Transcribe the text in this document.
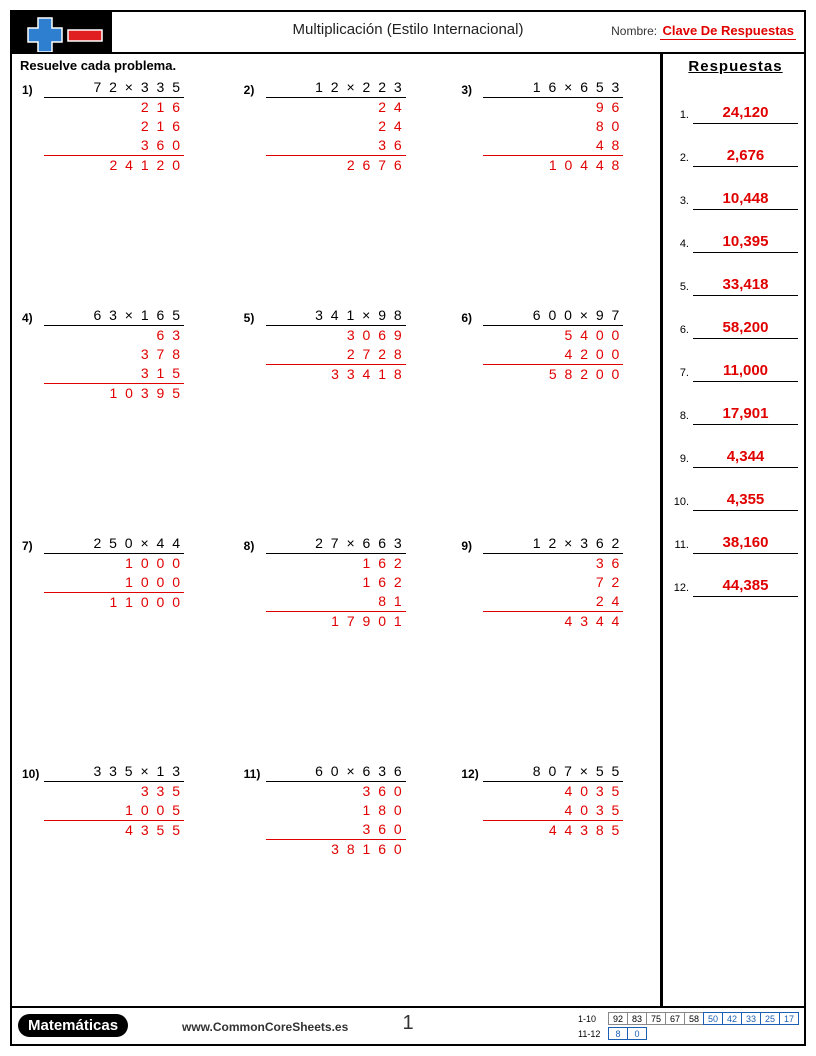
Multiplicación (Estilo Internacional)	Nombre: Clave De Respuestas
Resuelve cada problema.
1)	7 2 × 3 3 5
2 1 6
2 1 6
3 6 0
2 4 1 2 0
2)	1 2 × 2 2 3
2 4
2 4
3 6
2 6 7 6
3)	1 6 × 6 5 3
9 6
8 0
4 8
1 0 4 4 8
4)	6 3 × 1 6 5
6 3
3 7 8
3 1 5
1 0 3 9 5
5)	3 4 1 × 9 8
3 0 6 9
2 7 2 8
3 3 4 1 8
6)	6 0 0 × 9 7
5 4 0 0
4 2 0 0
5 8 2 0 0
7)	2 5 0 × 4 4
1 0 0 0
1 0 0 0
1 1 0 0 0
8)	2 7 × 6 6 3
1 6 2
1 6 2
8 1
1 7 9 0 1
9)	1 2 × 3 6 2
3 6
7 2
2 4
4 3 4 4
10)	3 3 5 × 1 3
3 3 5
1 0 0 5
4 3 5 5
11)	6 0 × 6 3 6
3 6 0
1 8 0
3 6 0
3 8 1 6 0
12)	8 0 7 × 5 5
4 0 3 5
4 0 3 5
4 4 3 8 5
Respuestas
1.	24,120
2.	2,676
3.	10,448
4.	10,395
5.	33,418
6.	58,200
7.	11,000
8.	17,901
9.	4,344
10.	4,355
11.	38,160
12.	44,385
Matemáticas	www.CommonCoreSheets.es	1	1-10	92 83 75 67 58 50 42 33 25 17
11-12	8	0
